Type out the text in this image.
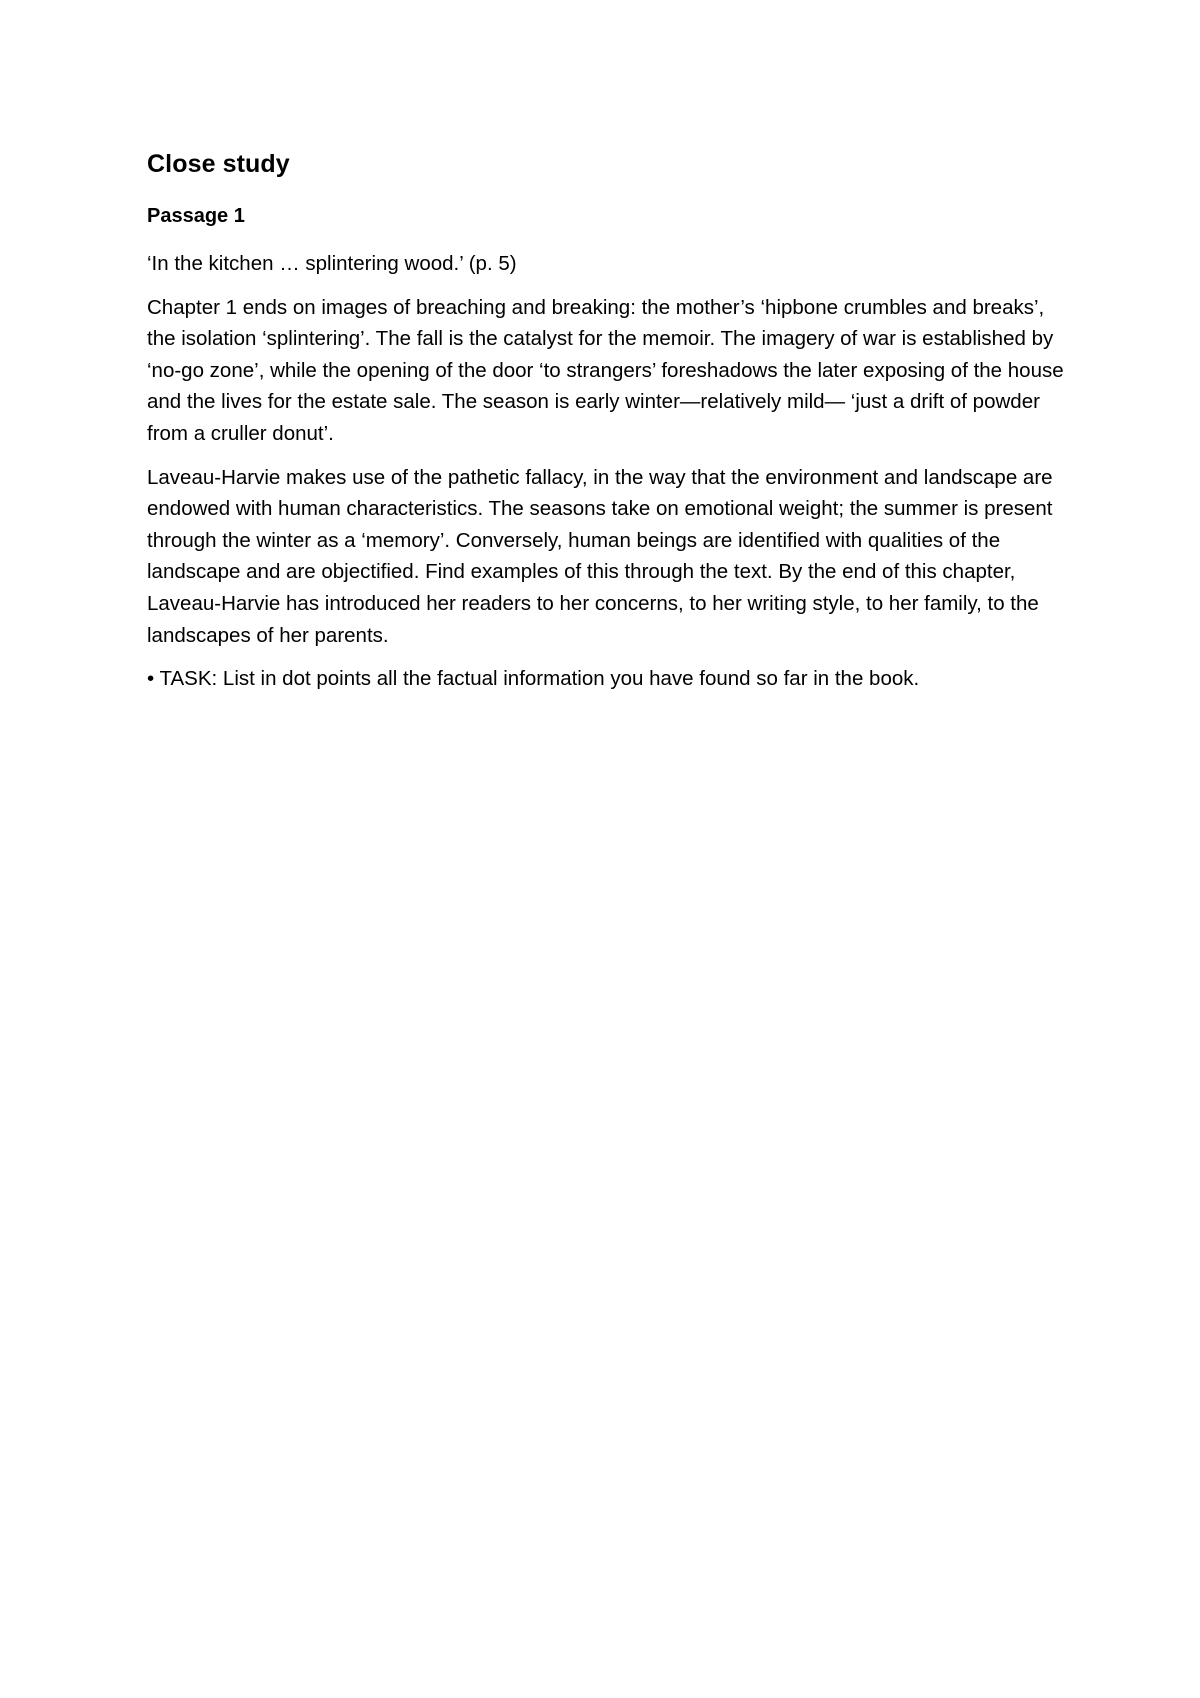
Close study
Passage 1

‘In the kitchen … splintering wood.’ (p. 5)

Chapter 1 ends on images of breaching and breaking: the mother’s ‘hipbone crumbles and breaks’, the isolation ‘splintering’. The fall is the catalyst for the memoir. The imagery of war is established by ‘no-go zone’, while the opening of the door ‘to strangers’ foreshadows the later exposing of the house and the lives for the estate sale. The season is early winter—relatively mild— ‘just a drift of powder from a cruller donut’.

Laveau-Harvie makes use of the pathetic fallacy, in the way that the environment and landscape are endowed with human characteristics. The seasons take on emotional weight; the summer is present through the winter as a ‘memory’. Conversely, human beings are identified with qualities of the landscape and are objectified. Find examples of this through the text. By the end of this chapter, Laveau-Harvie has introduced her readers to her concerns, to her writing style, to her family, to the landscapes of her parents.

• TASK: List in dot points all the factual information you have found so far in the book.
